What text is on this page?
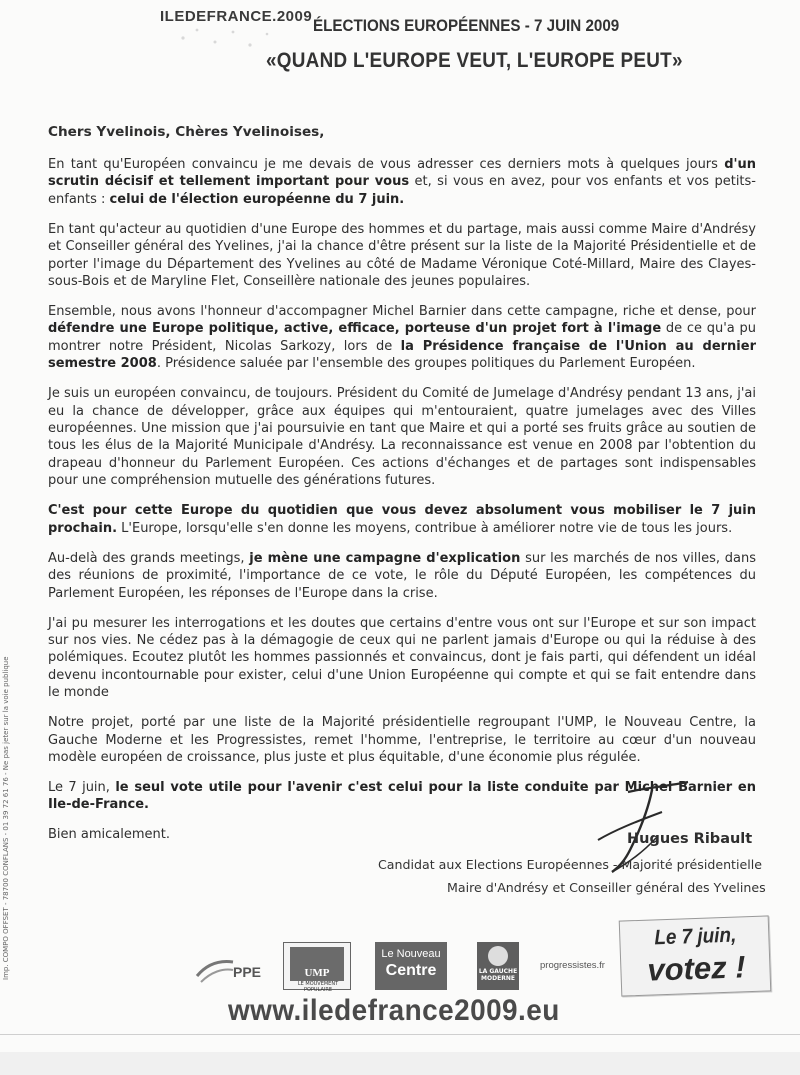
ILEDEFRANCE.2009
ÉLECTIONS EUROPÉENNES - 7 JUIN 2009
«QUAND L'EUROPE VEUT, L'EUROPE PEUT»
Chers Yvelinois, Chères Yvelinoises,

En tant qu'Européen convaincu je me devais de vous adresser ces derniers mots à quelques jours d'un scrutin décisif et tellement important pour vous et, si vous en avez, pour vos enfants et vos petits-enfants : celui de l'élection européenne du 7 juin.

En tant qu'acteur au quotidien d'une Europe des hommes et du partage, mais aussi comme Maire d'Andrésy et Conseiller général des Yvelines, j'ai la chance d'être présent sur la liste de la Majorité Présidentielle et de porter l'image du Département des Yvelines au côté de Madame Véronique Coté-Millard, Maire des Clayes-sous-Bois et de Maryline Flet, Conseillère nationale des jeunes populaires.

Ensemble, nous avons l'honneur d'accompagner Michel Barnier dans cette campagne, riche et dense, pour défendre une Europe politique, active, efficace, porteuse d'un projet fort à l'image de ce qu'a pu montrer notre Président, Nicolas Sarkozy, lors de la Présidence française de l'Union au dernier semestre 2008. Présidence saluée par l'ensemble des groupes politiques du Parlement Européen.

Je suis un européen convaincu, de toujours. Président du Comité de Jumelage d'Andrésy pendant 13 ans, j'ai eu la chance de développer, grâce aux équipes qui m'entouraient, quatre jumelages avec des Villes européennes. Une mission que j'ai poursuivie en tant que Maire et qui a porté ses fruits grâce au soutien de tous les élus de la Majorité Municipale d'Andrésy. La reconnaissance est venue en 2008 par l'obtention du drapeau d'honneur du Parlement Européen. Ces actions d'échanges et de partages sont indispensables pour une compréhension mutuelle des générations futures.

C'est pour cette Europe du quotidien que vous devez absolument vous mobiliser le 7 juin prochain. L'Europe, lorsqu'elle s'en donne les moyens, contribue à améliorer notre vie de tous les jours.

Au-delà des grands meetings, je mène une campagne d'explication sur les marchés de nos villes, dans des réunions de proximité, l'importance de ce vote, le rôle du Député Européen, les compétences du Parlement Européen, les réponses de l'Europe dans la crise.

J'ai pu mesurer les interrogations et les doutes que certains d'entre vous ont sur l'Europe et sur son impact sur nos vies. Ne cédez pas à la démagogie de ceux qui ne parlent jamais d'Europe ou qui la réduise à des polémiques. Ecoutez plutôt les hommes passionnés et convaincus, dont je fais parti, qui défendent un idéal devenu incontournable pour exister, celui d'une Union Européenne qui compte et qui se fait entendre dans le monde

Notre projet, porté par une liste de la Majorité présidentielle regroupant l'UMP, le Nouveau Centre, la Gauche Moderne et les Progressistes, remet l'homme, l'entreprise, le territoire au cœur d'un nouveau modèle européen de croissance, plus juste et plus équitable, d'une économie plus régulée.

Le 7 juin, le seul vote utile pour l'avenir c'est celui pour la liste conduite par Michel Barnier en Ile-de-France.

Bien amicalement.	Hugues Ribault
Candidat aux Elections Européennes - Majorité présidentielle
Maire d'Andrésy et Conseiller général des Yvelines
Imp. COMPO OFFSET - 78700 CONFLANS - 01 39 72 61 76 - Ne pas jeter sur la voie publique	PPE	UMP
LE MOUVEMENT POPULAIRE
Le Nouveau
Centre	LA GAUCHE MODERNE
progressistes.fr
Le 7 juin,
votez !
www.iledefrance2009.eu
